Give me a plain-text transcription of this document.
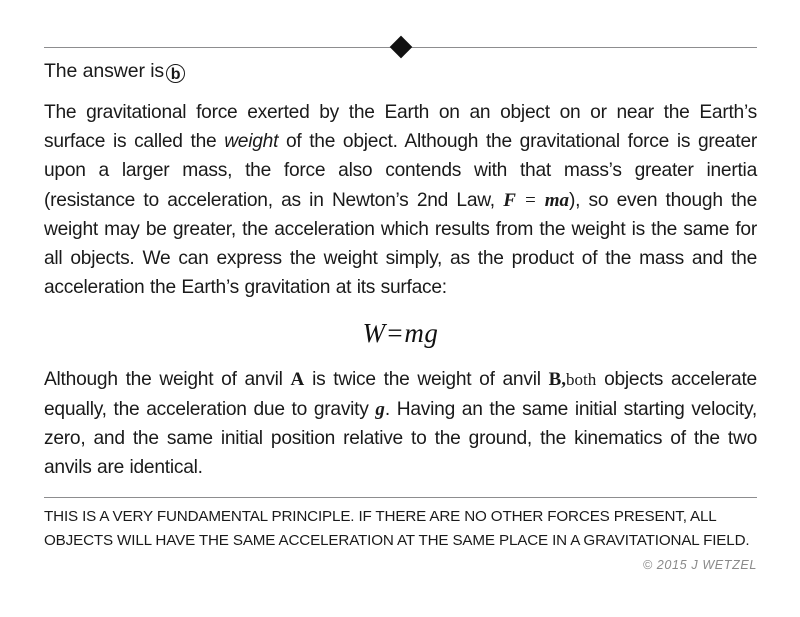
The answer is b

The gravitational force exerted by the Earth on an object on or near the Earth’s surface is called the weight of the object. Although the gravitational force is greater upon a larger mass, the force also contends with that mass’s greater inertia (resistance to acceleration, as in Newton’s 2nd Law, F = ma), so even though the weight may be greater, the acceleration which results from the weight is the same for all objects. We can express the weight simply, as the product of the mass and the acceleration the Earth’s gravitation at its surface:

W=mg

Although the weight of anvil A is twice the weight of anvil B,both objects accelerate equally, the acceleration due to gravity g. Having an the same initial starting velocity, zero, and the same initial position relative to the ground, the kinematics of the two anvils are identical.

THIS IS A VERY FUNDAMENTAL PRINCIPLE. IF THERE ARE NO OTHER FORCES PRESENT, ALL OBJECTS WILL HAVE THE SAME ACCELERATION AT THE SAME PLACE IN A GRAVITATIONAL FIELD.
© 2015 J WETZEL
